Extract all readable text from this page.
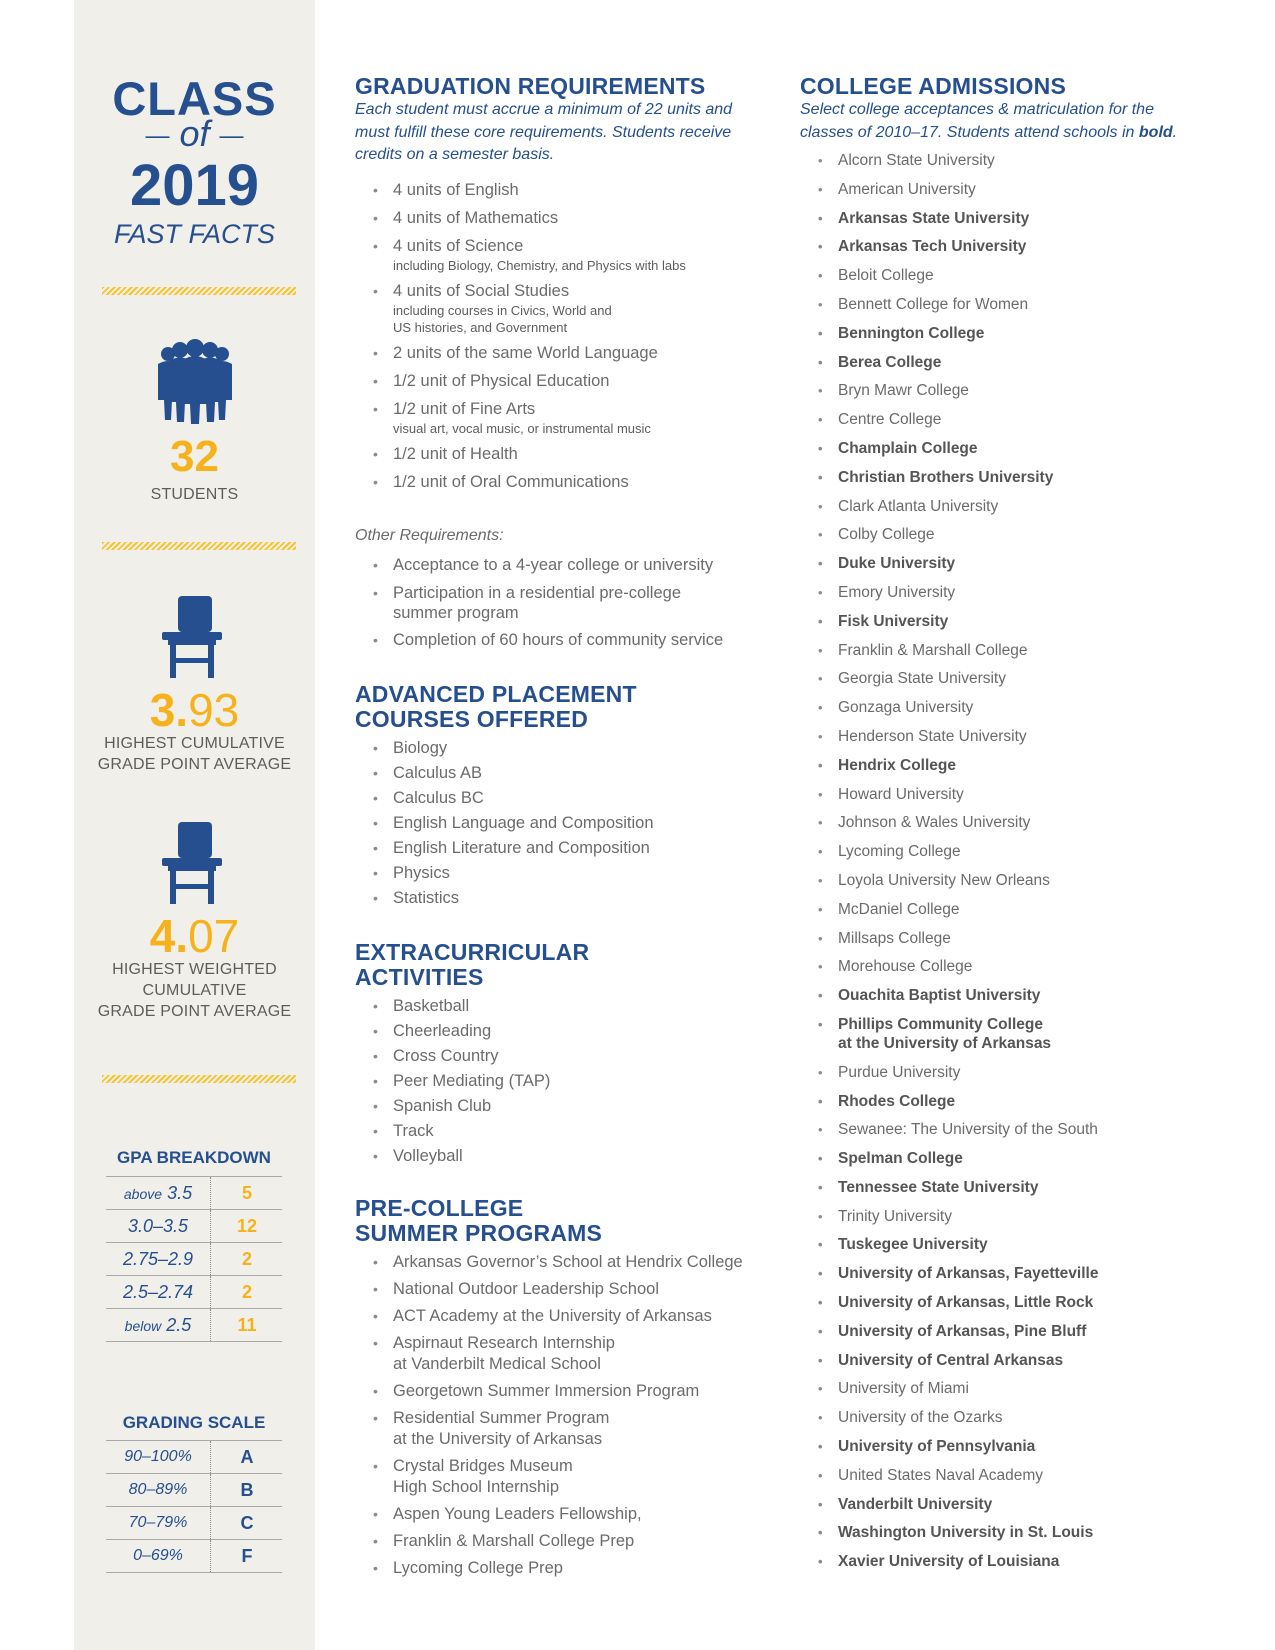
CLASS
— of —
2019
FAST FACTS
32
STUDENTS
3.93
HIGHEST CUMULATIVE
GRADE POINT AVERAGE
4.07
HIGHEST WEIGHTED
CUMULATIVE
GRADE POINT AVERAGE
GPA BREAKDOWN
above 3.5	5
3.0–3.5	12
2.75–2.9	2
2.5–2.74	2
below 2.5	11
GRADING SCALE
90–100%	A
80–89%	B
70–79%	C
0–69%	F
GRADUATION REQUIREMENTS
Each student must accrue a minimum of 22 units and
must fulfill these core requirements. Students receive
credits on a semester basis.
• 4 units of English
• 4 units of Mathematics
• 4 units of Science
including Biology, Chemistry, and Physics with labs
• 4 units of Social Studies
including courses in Civics, World and
US histories, and Government
• 2 units of the same World Language
• 1/2 unit of Physical Education
• 1/2 unit of Fine Arts
visual art, vocal music, or instrumental music
• 1/2 unit of Health
• 1/2 unit of Oral Communications
Other Requirements:
• Acceptance to a 4-year college or university
• Participation in a residential pre-college
summer program
• Completion of 60 hours of community service
ADVANCED PLACEMENT
COURSES OFFERED
• Biology
• Calculus AB
• Calculus BC
• English Language and Composition
• English Literature and Composition
• Physics
• Statistics
EXTRACURRICULAR
ACTIVITIES
• Basketball
• Cheerleading
• Cross Country
• Peer Mediating (TAP)
• Spanish Club
• Track
• Volleyball
PRE-COLLEGE
SUMMER PROGRAMS
• Arkansas Governor’s School at Hendrix College
• National Outdoor Leadership School
• ACT Academy at the University of Arkansas
• Aspirnaut Research Internship
at Vanderbilt Medical School
• Georgetown Summer Immersion Program
• Residential Summer Program
at the University of Arkansas
• Crystal Bridges Museum
High School Internship
• Aspen Young Leaders Fellowship,
• Franklin & Marshall College Prep
• Lycoming College Prep
COLLEGE ADMISSIONS
Select college acceptances & matriculation for the
classes of 2010–17. Students attend schools in bold.
• Alcorn State University
• American University
• Arkansas State University
• Arkansas Tech University
• Beloit College
• Bennett College for Women
• Bennington College
• Berea College
• Bryn Mawr College
• Centre College
• Champlain College
• Christian Brothers University
• Clark Atlanta University
• Colby College
• Duke University
• Emory University
• Fisk University
• Franklin & Marshall College
• Georgia State University
• Gonzaga University
• Henderson State University
• Hendrix College
• Howard University
• Johnson & Wales University
• Lycoming College
• Loyola University New Orleans
• McDaniel College
• Millsaps College
• Morehouse College
• Ouachita Baptist University
• Phillips Community College
at the University of Arkansas
• Purdue University
• Rhodes College
• Sewanee: The University of the South
• Spelman College
• Tennessee State University
• Trinity University
• Tuskegee University
• University of Arkansas, Fayetteville
• University of Arkansas, Little Rock
• University of Arkansas, Pine Bluff
• University of Central Arkansas
• University of Miami
• University of the Ozarks
• University of Pennsylvania
• United States Naval Academy
• Vanderbilt University
• Washington University in St. Louis
• Xavier University of Louisiana
